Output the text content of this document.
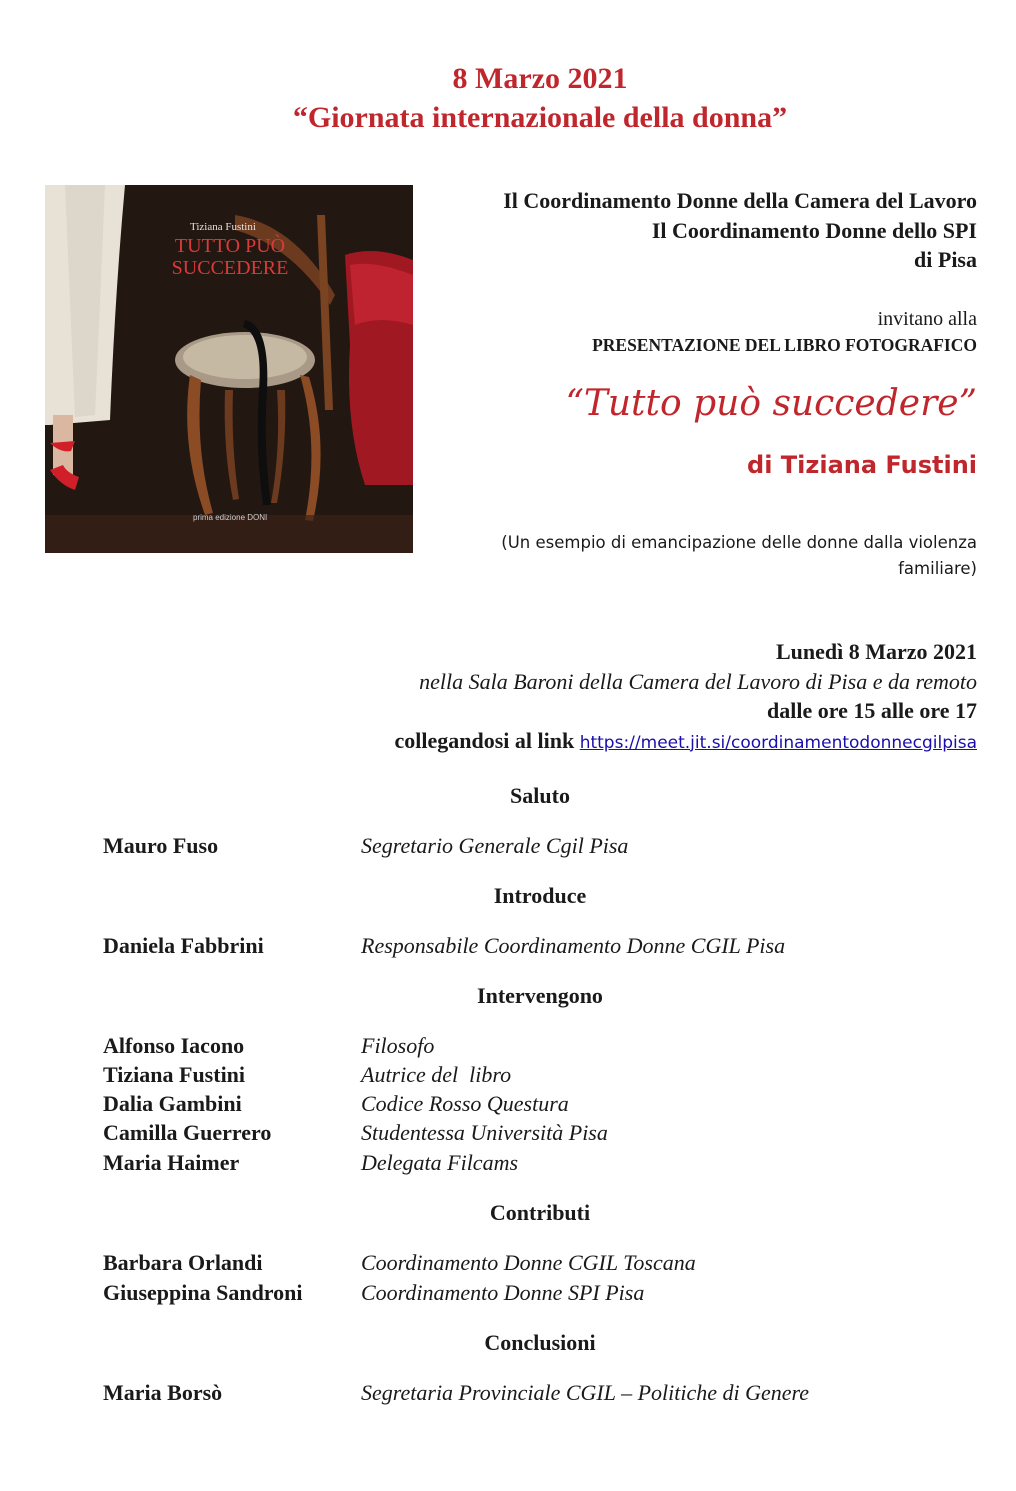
8 Marzo 2021
“Giornata internazionale della donna”
Tiziana Fustini
TUTTO PUÒ
SUCCEDERE
prima edizione DONI
Il Coordinamento Donne della Camera del Lavoro
Il Coordinamento Donne dello SPI
di Pisa
invitano alla
PRESENTAZIONE DEL LIBRO FOTOGRAFICO
“Tutto può succedere”
di Tiziana Fustini
(Un esempio di emancipazione delle donne dalla violenza
familiare)
Lunedì 8 Marzo 2021
nella Sala Baroni della Camera del Lavoro di Pisa e da remoto
dalle ore 15 alle ore 17
collegandosi al link https://meet.jit.si/coordinamentodonnecgilpisa
Saluto
Mauro Fuso	Segretario Generale Cgil Pisa
Introduce
Daniela Fabbrini	Responsabile Coordinamento Donne CGIL Pisa
Intervengono
Alfonso Iacono	Filosofo
Tiziana Fustini	Autrice del  libro
Dalia Gambini	Codice Rosso Questura
Camilla Guerrero	Studentessa Università Pisa
Maria Haimer	Delegata Filcams
Contributi
Barbara Orlandi	Coordinamento Donne CGIL Toscana
Giuseppina Sandroni	Coordinamento Donne SPI Pisa
Conclusioni
Maria Borsò	Segretaria Provinciale CGIL – Politiche di Genere
